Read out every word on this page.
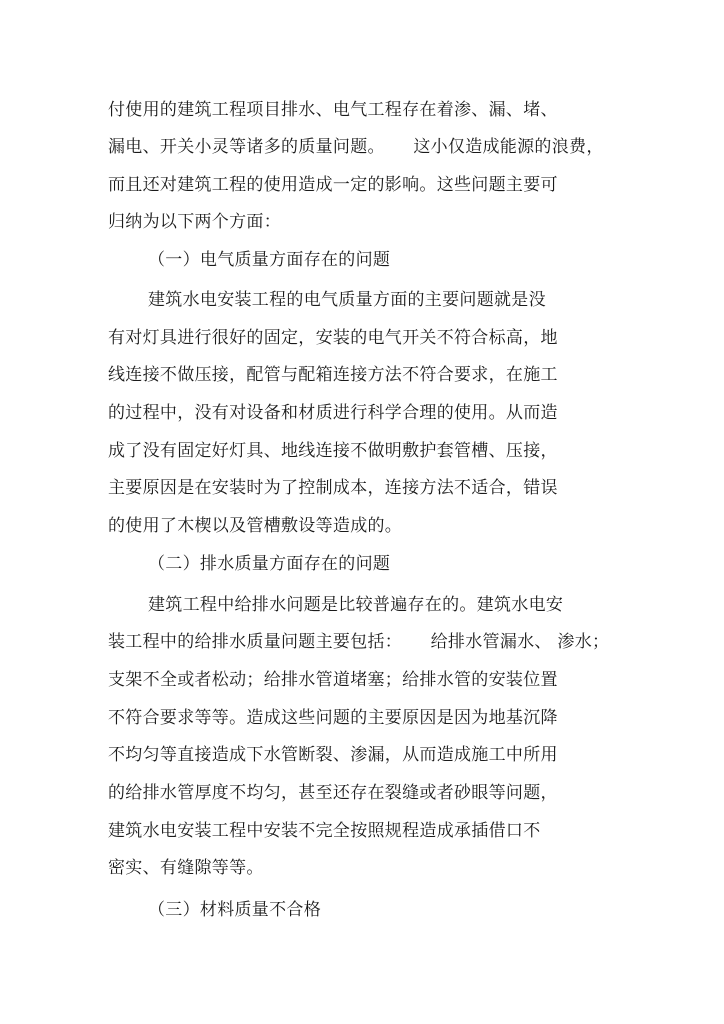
付使用的建筑工程项目排水、电气工程存在着渗、漏、堵、
漏电、开关小灵等诸多的质量问题。     这小仅造成能源的浪费，
而且还对建筑工程的使用造成一定的影响。这些问题主要可
归纳为以下两个方面：
（一）电气质量方面存在的问题
建筑水电安装工程的电气质量方面的主要问题就是没
有对灯具进行很好的固定，安装的电气开关不符合标高，地
线连接不做压接，配管与配箱连接方法不符合要求，在施工
的过程中，没有对设备和材质进行科学合理的使用。从而造
成了没有固定好灯具、地线连接不做明敷护套管槽、压接，
主要原因是在安装时为了控制成本，连接方法不适合，错误
的使用了木楔以及管槽敷设等造成的。
（二）排水质量方面存在的问题
建筑工程中给排水问题是比较普遍存在的。建筑水电安
装工程中的给排水质量问题主要包括：     给排水管漏水、 渗水；
支架不全或者松动；给排水管道堵塞；给排水管的安装位置
不符合要求等等。造成这些问题的主要原因是因为地基沉降
不均匀等直接造成下水管断裂、渗漏，从而造成施工中所用
的给排水管厚度不均匀，甚至还存在裂缝或者砂眼等问题，
建筑水电安装工程中安装不完全按照规程造成承插借口不
密实、有缝隙等等。
（三）材料质量不合格
